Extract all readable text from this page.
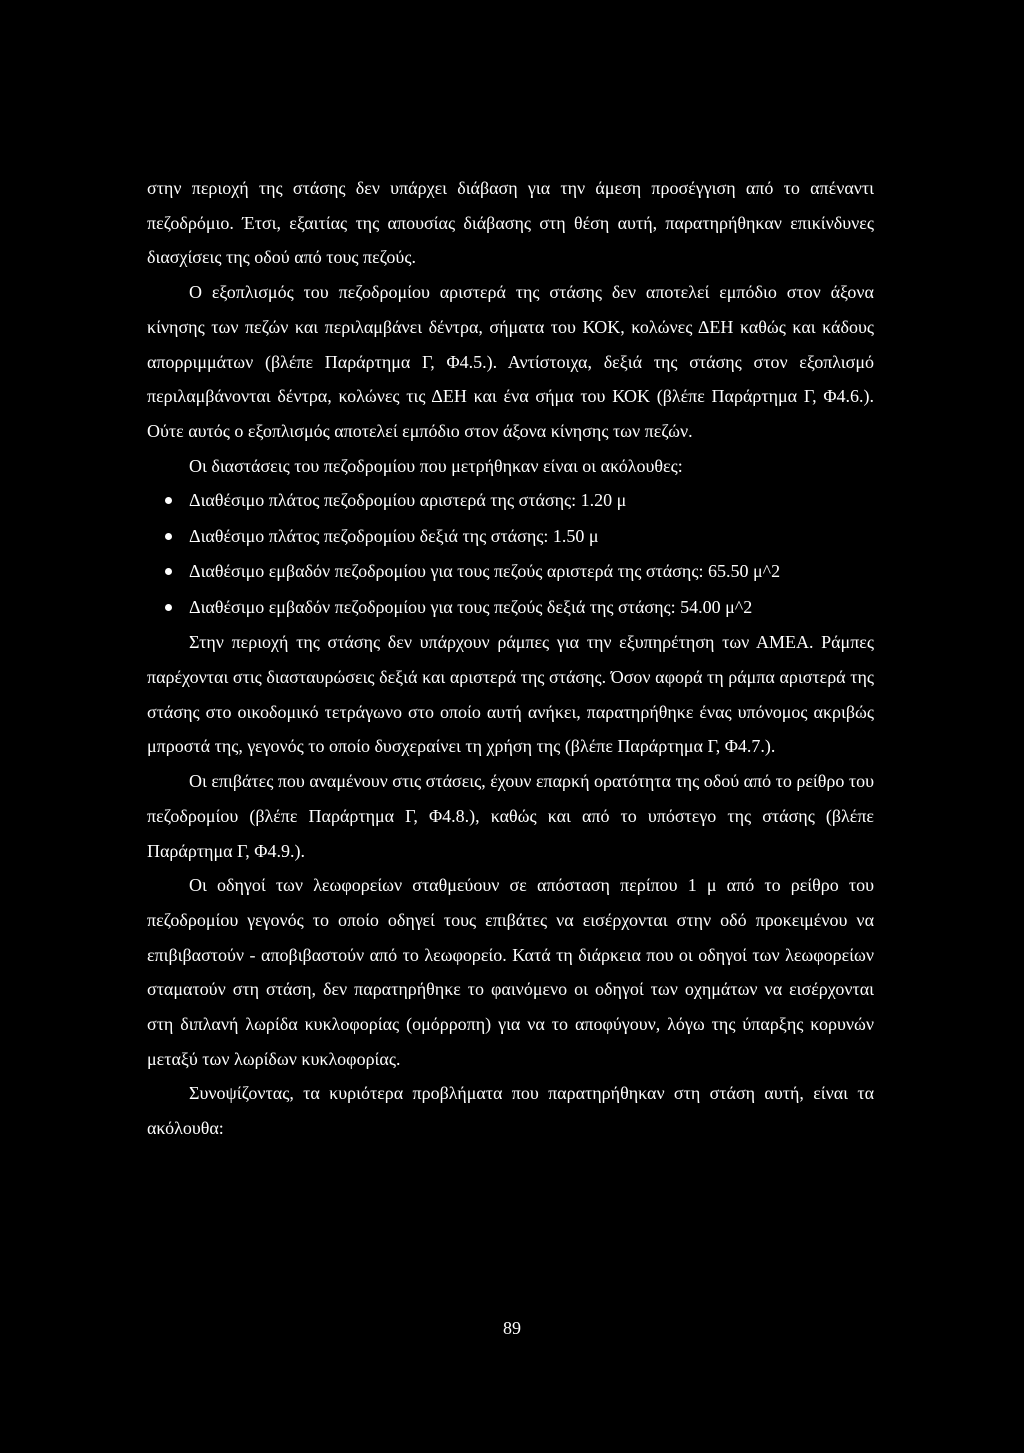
στην περιοχή της στάσης δεν υπάρχει διάβαση για την άμεση προσέγγιση από το απέναντι πεζοδρόμιο. Έτσι, εξαιτίας της απουσίας διάβασης στη θέση αυτή, παρατηρήθηκαν επικίνδυνες διασχίσεις της οδού από τους πεζούς.

Ο εξοπλισμός του πεζοδρομίου αριστερά της στάσης δεν αποτελεί εμπόδιο στον άξονα κίνησης των πεζών και περιλαμβάνει δέντρα, σήματα του ΚΟΚ, κολώνες ΔΕΗ καθώς και κάδους απορριμμάτων (βλέπε Παράρτημα Γ, Φ4.5.). Αντίστοιχα, δεξιά της στάσης στον εξοπλισμό περιλαμβάνονται δέντρα, κολώνες τις ΔΕΗ και ένα σήμα του ΚΟΚ (βλέπε Παράρτημα Γ, Φ4.6.). Ούτε αυτός ο εξοπλισμός αποτελεί εμπόδιο στον άξονα κίνησης των πεζών.

Οι διαστάσεις του πεζοδρομίου που μετρήθηκαν είναι οι ακόλουθες:

Διαθέσιμο πλάτος πεζοδρομίου αριστερά της στάσης: 1.20 μ
Διαθέσιμο πλάτος πεζοδρομίου δεξιά της στάσης: 1.50 μ
Διαθέσιμο εμβαδόν πεζοδρομίου για τους πεζούς αριστερά της στάσης: 65.50 μ^2
Διαθέσιμο εμβαδόν πεζοδρομίου για τους πεζούς δεξιά της στάσης: 54.00 μ^2

Στην περιοχή της στάσης δεν υπάρχουν ράμπες για την εξυπηρέτηση των ΑΜΕΑ. Ράμπες παρέχονται στις διασταυρώσεις δεξιά και αριστερά της στάσης. Όσον αφορά τη ράμπα αριστερά της στάσης στο οικοδομικό τετράγωνο στο οποίο αυτή ανήκει, παρατηρήθηκε ένας υπόνομος ακριβώς μπροστά της, γεγονός το οποίο δυσχεραίνει τη χρήση της (βλέπε Παράρτημα Γ, Φ4.7.).

Οι επιβάτες που αναμένουν στις στάσεις, έχουν επαρκή ορατότητα της οδού από το ρείθρο του πεζοδρομίου (βλέπε Παράρτημα Γ, Φ4.8.), καθώς και από το υπόστεγο της στάσης (βλέπε Παράρτημα Γ, Φ4.9.).

Οι οδηγοί των λεωφορείων σταθμεύουν σε απόσταση περίπου 1 μ από το ρείθρο του πεζοδρομίου γεγονός το οποίο οδηγεί τους επιβάτες να εισέρχονται στην οδό προκειμένου να επιβιβαστούν - αποβιβαστούν από το λεωφορείο. Κατά τη διάρκεια που οι οδηγοί των λεωφορείων σταματούν στη στάση, δεν παρατηρήθηκε το φαινόμενο οι οδηγοί των οχημάτων να εισέρχονται στη διπλανή λωρίδα κυκλοφορίας (ομόρροπη) για να το αποφύγουν, λόγω της ύπαρξης κορυνών μεταξύ των λωρίδων κυκλοφορίας.

Συνοψίζοντας, τα κυριότερα προβλήματα που παρατηρήθηκαν στη στάση αυτή, είναι τα ακόλουθα:

89
